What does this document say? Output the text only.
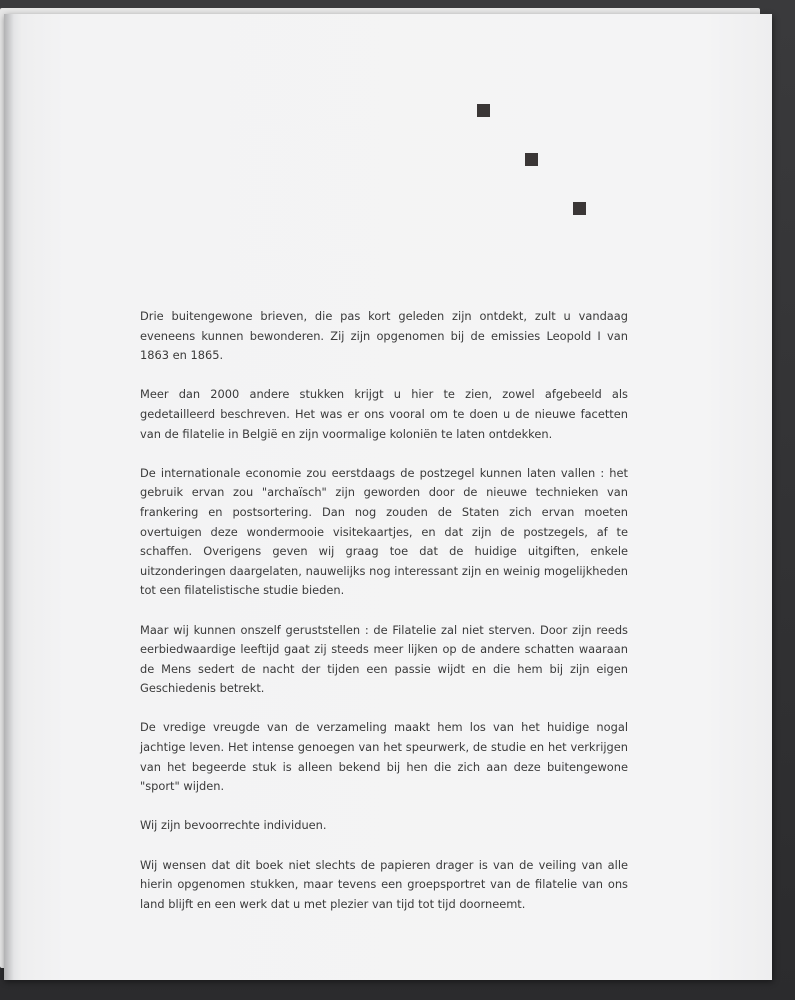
Drie buitengewone brieven, die pas kort geleden zijn ontdekt, zult u vandaag eveneens kunnen bewonderen. Zij zijn opgenomen bij de emissies Leopold I van 1863 en 1865.

Meer dan 2000 andere stukken krijgt u hier te zien, zowel afgebeeld als gedetailleerd beschreven. Het was er ons vooral om te doen u de nieuwe facetten van de filatelie in België en zijn voormalige koloniën te laten ontdekken.

De internationale economie zou eerstdaags de postzegel kunnen laten vallen : het gebruik ervan zou "archaïsch" zijn geworden door de nieuwe technieken van frankering en postsortering. Dan nog zouden de Staten zich ervan moeten overtuigen deze wondermooie visitekaartjes, en dat zijn de postzegels, af te schaffen. Overigens geven wij graag toe dat de huidige uitgiften, enkele uitzonderingen daargelaten, nauwelijks nog interessant zijn en weinig mogelijkheden tot een filatelistische studie bieden.

Maar wij kunnen onszelf geruststellen : de Filatelie zal niet sterven. Door zijn reeds eerbiedwaardige leeftijd gaat zij steeds meer lijken op de andere schatten waaraan de Mens sedert de nacht der tijden een passie wijdt en die hem bij zijn eigen Geschiedenis betrekt.

De vredige vreugde van de verzameling maakt hem los van het huidige nogal jachtige leven. Het intense genoegen van het speurwerk, de studie en het verkrijgen van het begeerde stuk is alleen bekend bij hen die zich aan deze buitengewone "sport" wijden.

Wij zijn bevoorrechte individuen.

Wij wensen dat dit boek niet slechts de papieren drager is van de veiling van alle hierin opgenomen stukken, maar tevens een groepsportret van de filatelie van ons land blijft en een werk dat u met plezier van tijd tot tijd doorneemt.
